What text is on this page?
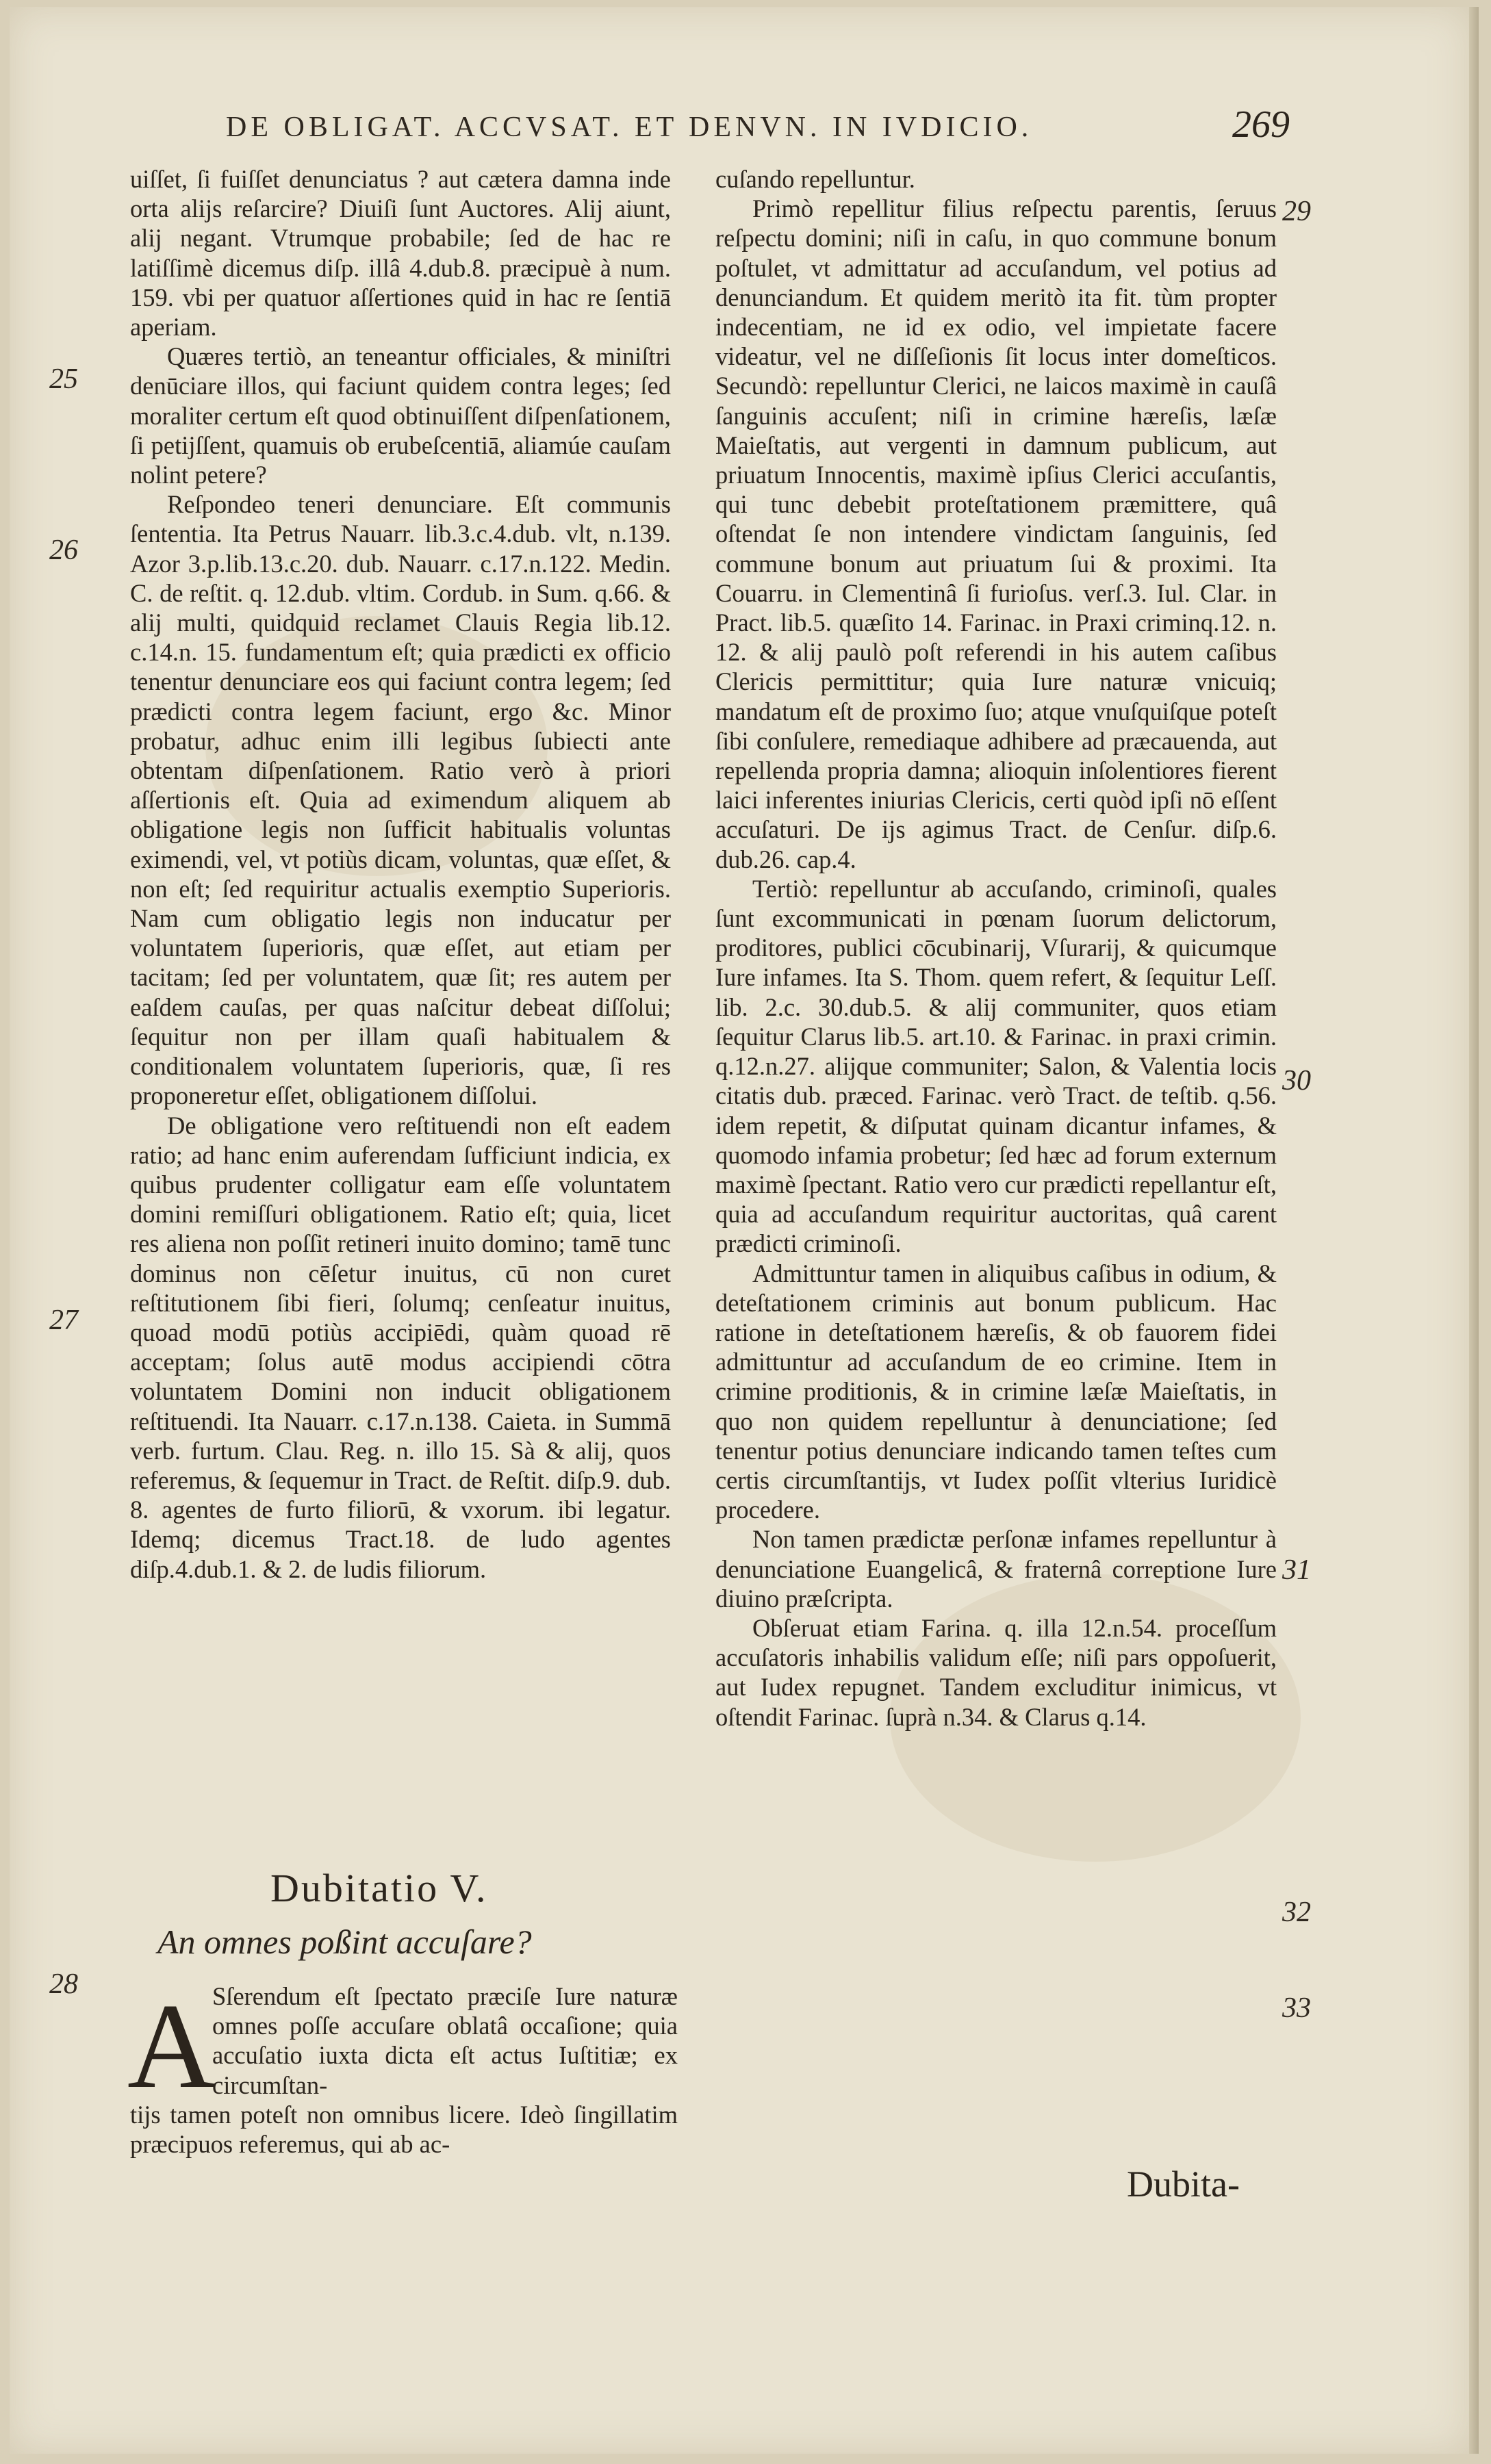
DE OBLIGAT. ACCVSAT. ET DENVN. IN IVDICIO.	269

uiſſet, ſi fuiſſet denunciatus ? aut cætera damna inde orta alijs reſarcire? Diuiſi ſunt Auctores. Alij aiunt, alij negant. Vtrumque probabile; ſed de hac re latiſſimè dicemus diſp. illâ 4.dub.8. præcipuè à num. 159. vbi per quatuor aſſertiones quid in hac re ſentiā aperiam.

Quæres tertiò, an teneantur officiales, & miniſtri denūciare illos, qui faciunt quidem contra leges; ſed moraliter certum eſt quod obtinuiſſent diſpenſationem, ſi petijſſent, quamuis ob erubeſcentiā, aliamúe cauſam nolint petere?

Reſpondeo teneri denunciare. Eſt communis ſententia. Ita Petrus Nauarr. lib.3.c.4.dub. vlt, n.139. Azor 3.p.lib.13.c.20. dub. Nauarr. c.17.n.122. Medin. C. de reſtit. q. 12.dub. vltim. Cordub. in Sum. q.66. & alij multi, quidquid reclamet Clauis Regia lib.12. c.14.n. 15. fundamentum eſt; quia prædicti ex officio tenentur denunciare eos qui faciunt contra legem; ſed prædicti contra legem faciunt, ergo &c. Minor probatur, adhuc enim illi legibus ſubiecti ante obtentam diſpenſationem. Ratio verò à priori aſſertionis eſt. Quia ad eximendum aliquem ab obligatione legis non ſufficit habitualis voluntas eximendi, vel, vt potiùs dicam, voluntas, quæ eſſet, & non eſt; ſed requiritur actualis exemptio Superioris. Nam cum obligatio legis non inducatur per voluntatem ſuperioris, quæ eſſet, aut etiam per tacitam; ſed per voluntatem, quæ ſit; res autem per eaſdem cauſas, per quas naſcitur debeat diſſolui; ſequitur non per illam quaſi habitualem & conditionalem voluntatem ſuperioris, quæ, ſi res proponeretur eſſet, obligationem diſſolui.

De obligatione vero reſtituendi non eſt eadem ratio; ad hanc enim auferendam ſufficiunt indicia, ex quibus prudenter colligatur eam eſſe voluntatem domini remiſſuri obligationem. Ratio eſt; quia, licet res aliena non poſſit retineri inuito domino; tamē tunc dominus non cēſetur inuitus, cū non curet reſtitutionem ſibi fieri, ſolumq; cenſeatur inuitus, quoad modū potiùs accipiēdi, quàm quoad rē acceptam; ſolus autē modus accipiendi cōtra voluntatem Domini non inducit obligationem reſtituendi. Ita Nauarr. c.17.n.138. Caieta. in Summā verb. furtum. Clau. Reg. n. illo 15. Sà & alij, quos referemus, & ſequemur in Tract. de Reſtit. diſp.9. dub. 8. agentes de furto filiorū, & vxorum. ibi legatur. Idemq; dicemus Tract.18. de ludo agentes diſp.4.dub.1. & 2. de ludis filiorum.

Dubitatio V.
An omnes poßint accuſare?
A
Sſerendum eſt ſpectato præciſe Iure naturæ omnes poſſe accuſare oblatâ occaſione; quia accuſatio iuxta dicta eſt actus Iuſtitiæ; ex circumſtan-
tijs tamen poteſt non omnibus licere. Ideò ſingillatim præcipuos referemus, qui ab ac-

cuſando repelluntur.

Primò repellitur filius reſpectu parentis, ſeruus reſpectu domini; niſi in caſu, in quo commune bonum poſtulet, vt admittatur ad accuſandum, vel potius ad denunciandum. Et quidem meritò ita fit. tùm propter indecentiam, ne id ex odio, vel impietate facere videatur, vel ne diſſeſionis ſit locus inter domeſticos. Secundò: repelluntur Clerici, ne laicos maximè in cauſâ ſanguinis accuſent; niſi in crimine hæreſis, læſæ Maieſtatis, aut vergenti in damnum publicum, aut priuatum Innocentis, maximè ipſius Clerici accuſantis, qui tunc debebit proteſtationem præmittere, quâ oſtendat ſe non intendere vindictam ſanguinis, ſed commune bonum aut priuatum ſui & proximi. Ita Couarru. in Clementinâ ſi furioſus. verſ.3. Iul. Clar. in Pract. lib.5. quæſito 14. Farinac. in Praxi criminq.12. n. 12. & alij paulò poſt referendi in his autem caſibus Clericis permittitur; quia Iure naturæ vnicuiq; mandatum eſt de proximo ſuo; atque vnuſquiſque poteſt ſibi conſulere, remediaque adhibere ad præcauenda, aut repellenda propria damna; alioquin inſolentiores fierent laici inferentes iniurias Clericis, certi quòd ipſi nō eſſent accuſaturi. De ijs agimus Tract. de Cenſur. diſp.6. dub.26. cap.4.

Tertiò: repelluntur ab accuſando, criminoſi, quales ſunt excommunicati in pœnam ſuorum delictorum, proditores, publici cōcubinarij, Vſurarij, & quicumque Iure infames. Ita S. Thom. quem refert, & ſequitur Leſſ. lib. 2.c. 30.dub.5. & alij communiter, quos etiam ſequitur Clarus lib.5. art.10. & Farinac. in praxi crimin. q.12.n.27. alijque communiter; Salon, & Valentia locis citatis dub. præced. Farinac. verò Tract. de teſtib. q.56. idem repetit, & diſputat quinam dicantur infames, & quomodo infamia probetur; ſed hæc ad forum externum maximè ſpectant. Ratio vero cur prædicti repellantur eſt, quia ad accuſandum requiritur auctoritas, quâ carent prædicti criminoſi.

Admittuntur tamen in aliquibus caſibus in odium, & deteſtationem criminis aut bonum publicum. Hac ratione in deteſtationem hæreſis, & ob fauorem fidei admittuntur ad accuſandum de eo crimine. Item in crimine proditionis, & in crimine læſæ Maieſtatis, in quo non quidem repelluntur à denunciatione; ſed tenentur potius denunciare indicando tamen teſtes cum certis circumſtantijs, vt Iudex poſſit vlterius Iuridicè procedere.

Non tamen prædictæ perſonæ infames repelluntur à denunciatione Euangelicâ, & fraternâ correptione Iure diuino præſcripta.

Obſeruat etiam Farina. q. illa 12.n.54. proceſſum accuſatoris inhabilis validum eſſe; niſi pars oppoſuerit, aut Iudex repugnet. Tandem excluditur inimicus, vt oſtendit Farinac. ſuprà n.34. & Clarus q.14.

Dubita-
25
26
27
28
29
30
31
32
33
